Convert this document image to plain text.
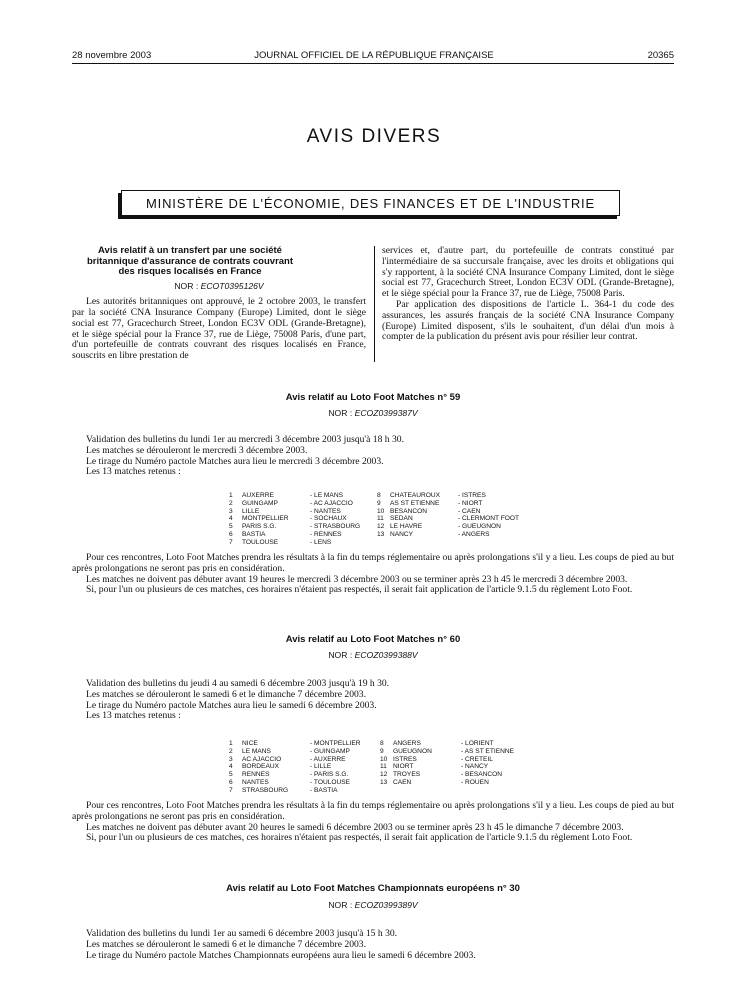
28 novembre 2003	JOURNAL OFFICIEL DE LA RÉPUBLIQUE FRANÇAISE	20365
AVIS DIVERS
MINISTÈRE DE L'ÉCONOMIE, DES FINANCES ET DE L'INDUSTRIE
Avis relatif à un transfert par une société britannique d'assurance de contrats couvrant des risques localisés en France
NOR : ECOT0395126V

Les autorités britanniques ont approuvé, le 2 octobre 2003, le transfert par la société CNA Insurance Company (Europe) Limited, dont le siège social est 77, Gracechurch Street, London EC3V ODL (Grande-Bretagne), et le siège spécial pour la France 37, rue de Liège, 75008 Paris, d'une part, d'un portefeuille de contrats couvrant des risques localisés en France, souscrits en libre prestation de

services et, d'autre part, du portefeuille de contrats constitué par l'intermédiaire de sa succursale française, avec les droits et obligations qui s'y rapportent, à la société CNA Insurance Company Limited, dont le siège social est 77, Gracechurch Street, London EC3V ODL (Grande-Bretagne), et le siège spécial pour la France 37, rue de Liège, 75008 Paris.

Par application des dispositions de l'article L. 364-1 du code des assurances, les assurés français de la société CNA Insurance Company (Europe) Limited disposent, s'ils le souhaitent, d'un délai d'un mois à compter de la publication du présent avis pour résilier leur contrat.

Avis relatif au Loto Foot Matches n° 59
NOR : ECOZ0399387V

Validation des bulletins du lundi 1er au mercredi 3 décembre 2003 jusqu'à 18 h 30.

Les matches se dérouleront le mercredi 3 décembre 2003.

Le tirage du Numéro pactole Matches aura lieu le mercredi 3 décembre 2003.

Les 13 matches retenus :

1	AUXERRE	- LE MANS
2	GUINGAMP	- AC AJACCIO
3	LILLE	- NANTES
4	MONTPELLIER	- SOCHAUX
5	PARIS S.G.	- STRASBOURG
6	BASTIA	- RENNES
7	TOULOUSE	- LENS
8	CHATEAUROUX	- ISTRES
9	AS ST ETIENNE	- NIORT
10 BESANCON	- CAEN
11 SEDAN	- CLERMONT FOOT
12 LE HAVRE	- GUEUGNON
13 NANCY	- ANGERS

Pour ces rencontres, Loto Foot Matches prendra les résultats à la fin du temps réglementaire ou après prolongations s'il y a lieu. Les coups de pied au but après prolongations ne seront pas pris en considération.

Les matches ne doivent pas débuter avant 19 heures le mercredi 3 décembre 2003 ou se terminer après 23 h 45 le mercredi 3 décembre 2003.

Si, pour l'un ou plusieurs de ces matches, ces horaires n'étaient pas respectés, il serait fait application de l'article 9.1.5 du règlement Loto Foot.

Avis relatif au Loto Foot Matches n° 60
NOR : ECOZ0399388V

Validation des bulletins du jeudi 4 au samedi 6 décembre 2003 jusqu'à 19 h 30.

Les matches se dérouleront le samedi 6 et le dimanche 7 décembre 2003.

Le tirage du Numéro pactole Matches aura lieu le samedi 6 décembre 2003.

Les 13 matches retenus :

1	NICE	- MONTPELLIER
2	LE MANS	- GUINGAMP
3	AC AJACCIO	- AUXERRE
4	BORDEAUX	- LILLE
5	RENNES	- PARIS S.G.
6	NANTES	- TOULOUSE
7	STRASBOURG	- BASTIA
8	ANGERS	- LORIENT
9	GUEUGNON	- AS ST ETIENNE
10 ISTRES	- CRETEIL
11 NIORT	- NANCY
12 TROYES	- BESANCON
13 CAEN	- ROUEN

Pour ces rencontres, Loto Foot Matches prendra les résultats à la fin du temps réglementaire ou après prolongations s'il y a lieu. Les coups de pied au but après prolongations ne seront pas pris en considération.

Les matches ne doivent pas débuter avant 20 heures le samedi 6 décembre 2003 ou se terminer après 23 h 45 le dimanche 7 décembre 2003.

Si, pour l'un ou plusieurs de ces matches, ces horaires n'étaient pas respectés, il serait fait application de l'article 9.1.5 du règlement Loto Foot.

Avis relatif au Loto Foot Matches Championnats européens n° 30
NOR : ECOZ0399389V

Validation des bulletins du lundi 1er au samedi 6 décembre 2003 jusqu'à 15 h 30.

Les matches se dérouleront le samedi 6 et le dimanche 7 décembre 2003.

Le tirage du Numéro pactole Matches Championnats européens aura lieu le samedi 6 décembre 2003.
